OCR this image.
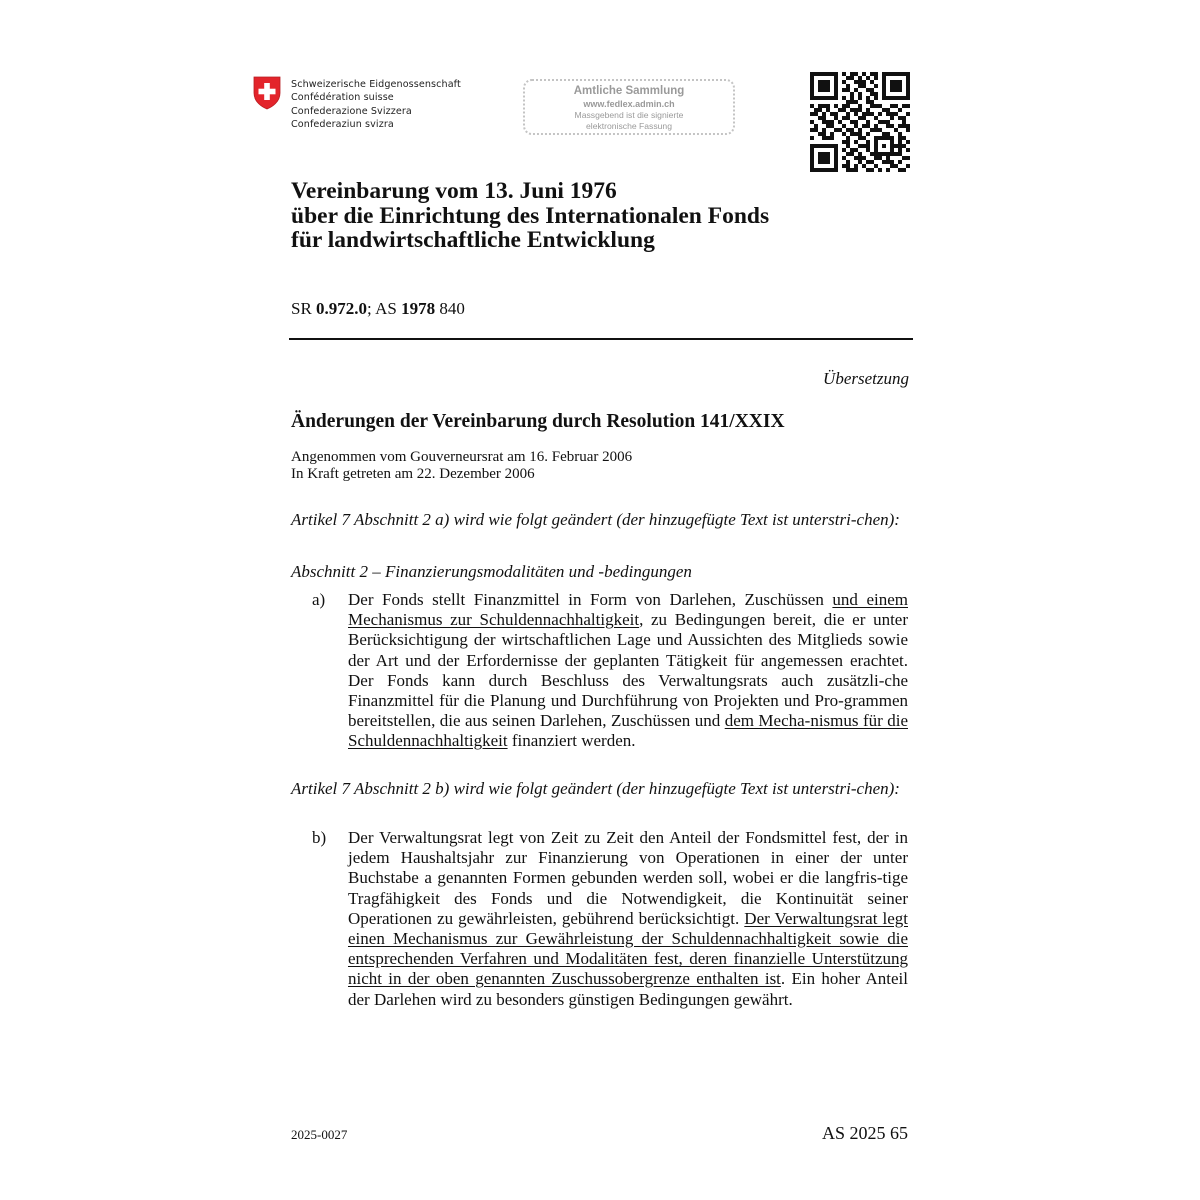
Schweizerische Eidgenossenschaft
Confédération suisse
Confederazione Svizzera
Confederaziun svizra
Amtliche Sammlung
www.fedlex.admin.ch
Massgebend ist die signierte
elektronische Fassung
Vereinbarung vom 13. Juni 1976
über die Einrichtung des Internationalen Fonds
für landwirtschaftliche Entwicklung
SR 0.972.0; AS 1978 840
Übersetzung
Änderungen der Vereinbarung durch Resolution 141/XXIX
Angenommen vom Gouverneursrat am 16. Februar 2006
In Kraft getreten am 22. Dezember 2006
Artikel 7 Abschnitt 2 a) wird wie folgt geändert (der hinzugefügte Text ist unterstri-chen):
Abschnitt 2 – Finanzierungsmodalitäten und -bedingungen
a) Der Fonds stellt Finanzmittel in Form von Darlehen, Zuschüssen und einem Mechanismus zur Schuldennachhaltigkeit, zu Bedingungen bereit, die er unter Berücksichtigung der wirtschaftlichen Lage und Aussichten des Mitglieds sowie der Art und der Erfordernisse der geplanten Tätigkeit für angemessen erachtet. Der Fonds kann durch Beschluss des Verwaltungsrats auch zusätzli-che Finanzmittel für die Planung und Durchführung von Projekten und Pro-grammen bereitstellen, die aus seinen Darlehen, Zuschüssen und dem Mecha-nismus für die Schuldennachhaltigkeit finanziert werden.
Artikel 7 Abschnitt 2 b) wird wie folgt geändert (der hinzugefügte Text ist unterstri-chen):
b) Der Verwaltungsrat legt von Zeit zu Zeit den Anteil der Fondsmittel fest, der in jedem Haushaltsjahr zur Finanzierung von Operationen in einer der unter Buchstabe a genannten Formen gebunden werden soll, wobei er die langfris-tige Tragfähigkeit des Fonds und die Notwendigkeit, die Kontinuität seiner Operationen zu gewährleisten, gebührend berücksichtigt. Der Verwaltungsrat legt einen Mechanismus zur Gewährleistung der Schuldennachhaltigkeit sowie die entsprechenden Verfahren und Modalitäten fest, deren finanzielle Unterstützung nicht in der oben genannten Zuschussobergrenze enthalten ist. Ein hoher Anteil der Darlehen wird zu besonders günstigen Bedingungen gewährt.
2025-0027	AS 2025 65
